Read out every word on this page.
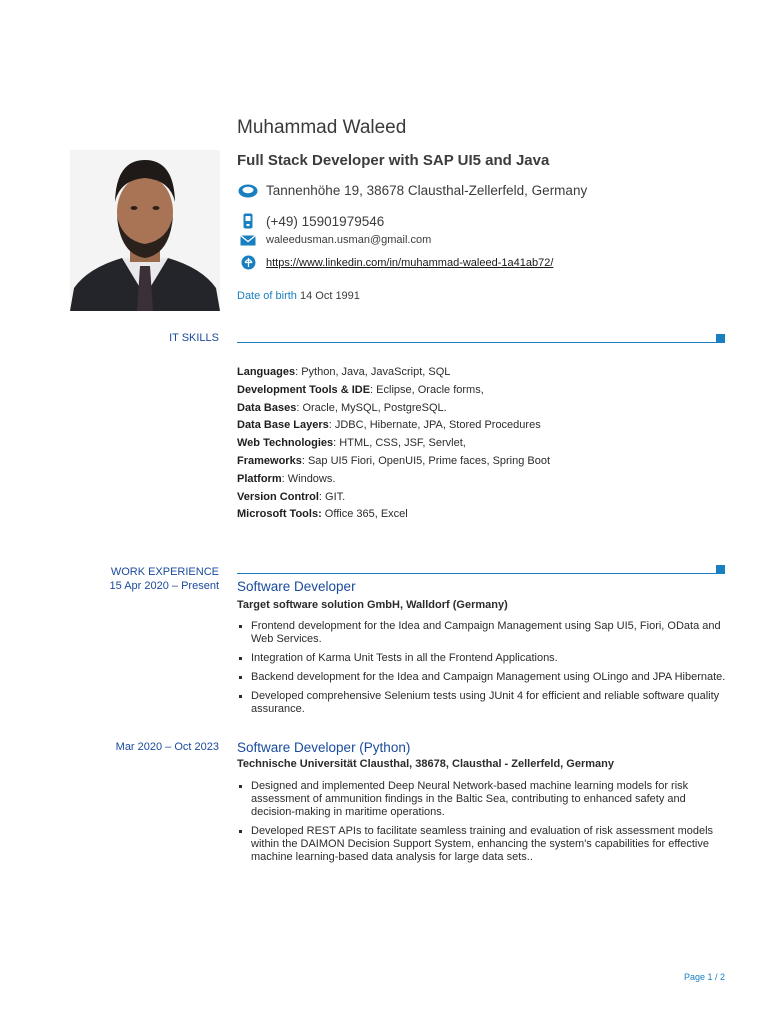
Muhammad Waleed
Full Stack Developer with SAP UI5 and Java
Tannenhöhe 19, 38678 Clausthal-Zellerfeld, Germany
(+49) 15901979546
waleedusman.usman@gmail.com
https://www.linkedin.com/in/muhammad-waleed-1a41ab72/
Date of birth 14 Oct 1991
IT SKILLS
Languages: Python, Java, JavaScript, SQL
Development Tools & IDE: Eclipse, Oracle forms,
Data Bases: Oracle, MySQL, PostgreSQL.
Data Base Layers: JDBC, Hibernate, JPA, Stored Procedures
Web Technologies: HTML, CSS, JSF, Servlet,
Frameworks: Sap UI5 Fiori, OpenUI5, Prime faces, Spring Boot
Platform: Windows.
Version Control: GIT.
Microsoft Tools: Office 365, Excel
WORK EXPERIENCE
15 Apr 2020 – Present Software Developer
Target software solution GmbH, Walldorf (Germany)
Frontend development for the Idea and Campaign Management using Sap UI5, Fiori, OData and Web Services.
Integration of Karma Unit Tests in all the Frontend Applications.
Backend development for the Idea and Campaign Management using OLingo and JPA Hibernate.
Developed comprehensive Selenium tests using JUnit 4 for efficient and reliable software quality assurance.
Mar 2020 – Oct 2023 Software Developer (Python)
Technische Universität Clausthal, 38678, Clausthal - Zellerfeld, Germany
Designed and implemented Deep Neural Network-based machine learning models for risk assessment of ammunition findings in the Baltic Sea, contributing to enhanced safety and decision-making in maritime operations.
Developed REST APIs to facilitate seamless training and evaluation of risk assessment models within the DAIMON Decision Support System, enhancing the system's capabilities for effective machine learning-based data analysis for large data sets..
Page 1 / 2
